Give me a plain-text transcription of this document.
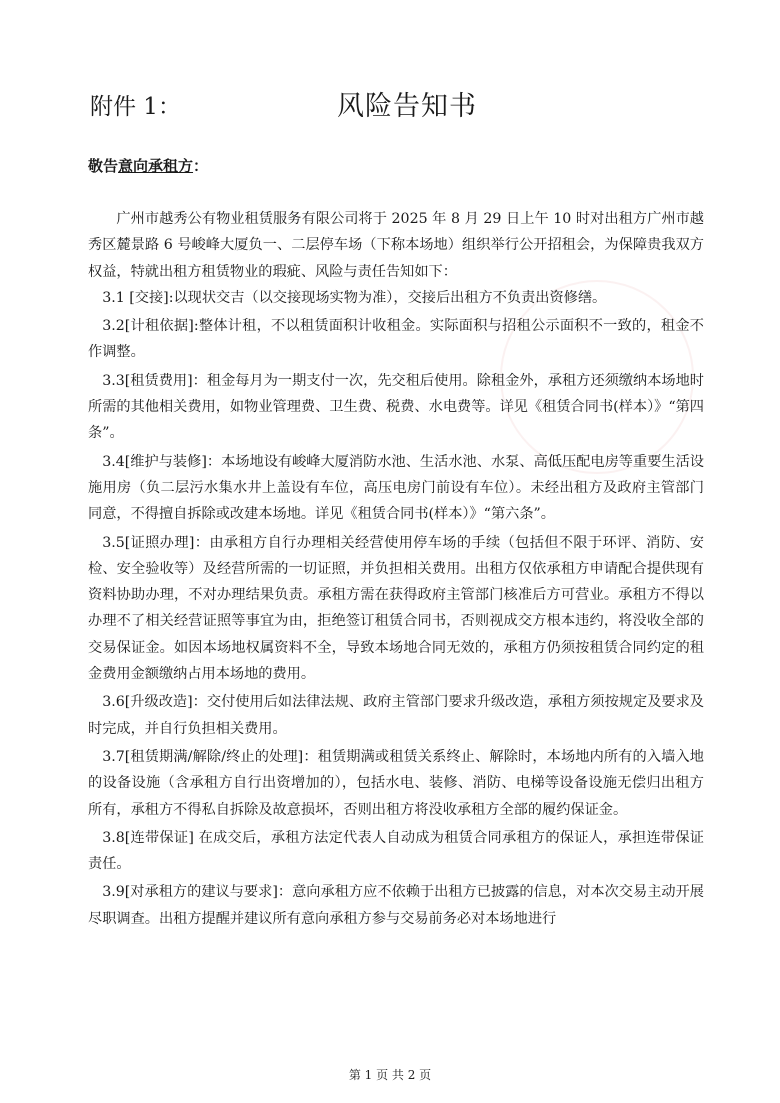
附件 1：	风险告知书
敬告意向承租方：

广州市越秀公有物业租赁服务有限公司将于 2025 年 8 月 29 日上午 10 时对出租方广州市越秀区麓景路 6 号峻峰大厦负一、二层停车场（下称本场地）组织举行公开招租会，为保障贵我双方权益，特就出租方租赁物业的瑕疵、风险与责任告知如下：

3.1 [交接]:以现状交吉（以交接现场实物为准），交接后出租方不负责出资修缮。

3.2[计租依据]:整体计租，不以租赁面积计收租金。实际面积与招租公示面积不一致的，租金不作调整。

3.3[租赁费用]：租金每月为一期支付一次，先交租后使用。除租金外，承租方还须缴纳本场地时所需的其他相关费用，如物业管理费、卫生费、税费、水电费等。详见《租赁合同书(样本）》“第四条”。

3.4[维护与装修]：本场地设有峻峰大厦消防水池、生活水池、水泵、高低压配电房等重要生活设施用房（负二层污水集水井上盖设有车位，高压电房门前设有车位）。未经出租方及政府主管部门同意，不得擅自拆除或改建本场地。详见《租赁合同书(样本）》“第六条”。

3.5[证照办理]：由承租方自行办理相关经营使用停车场的手续（包括但不限于环评、消防、安检、安全验收等）及经营所需的一切证照，并负担相关费用。出租方仅依承租方申请配合提供现有资料协助办理，不对办理结果负责。承租方需在获得政府主管部门核准后方可营业。承租方不得以办理不了相关经营证照等事宜为由，拒绝签订租赁合同书，否则视成交方根本违约，将没收全部的交易保证金。如因本场地权属资料不全，导致本场地合同无效的，承租方仍须按租赁合同约定的租金费用金额缴纳占用本场地的费用。

3.6[升级改造]：交付使用后如法律法规、政府主管部门要求升级改造，承租方须按规定及要求及时完成，并自行负担相关费用。

3.7[租赁期满/解除/终止的处理]：租赁期满或租赁关系终止、解除时，本场地内所有的入墙入地的设备设施（含承租方自行出资增加的），包括水电、装修、消防、电梯等设备设施无偿归出租方所有，承租方不得私自拆除及故意损坏，否则出租方将没收承租方全部的履约保证金。

3.8[连带保证] 在成交后，承租方法定代表人自动成为租赁合同承租方的保证人，承担连带保证责任。

3.9[对承租方的建议与要求]：意向承租方应不依赖于出租方已披露的信息，对本次交易主动开展尽职调查。出租方提醒并建议所有意向承租方参与交易前务必对本场地进行

第 1 页 共 2 页
